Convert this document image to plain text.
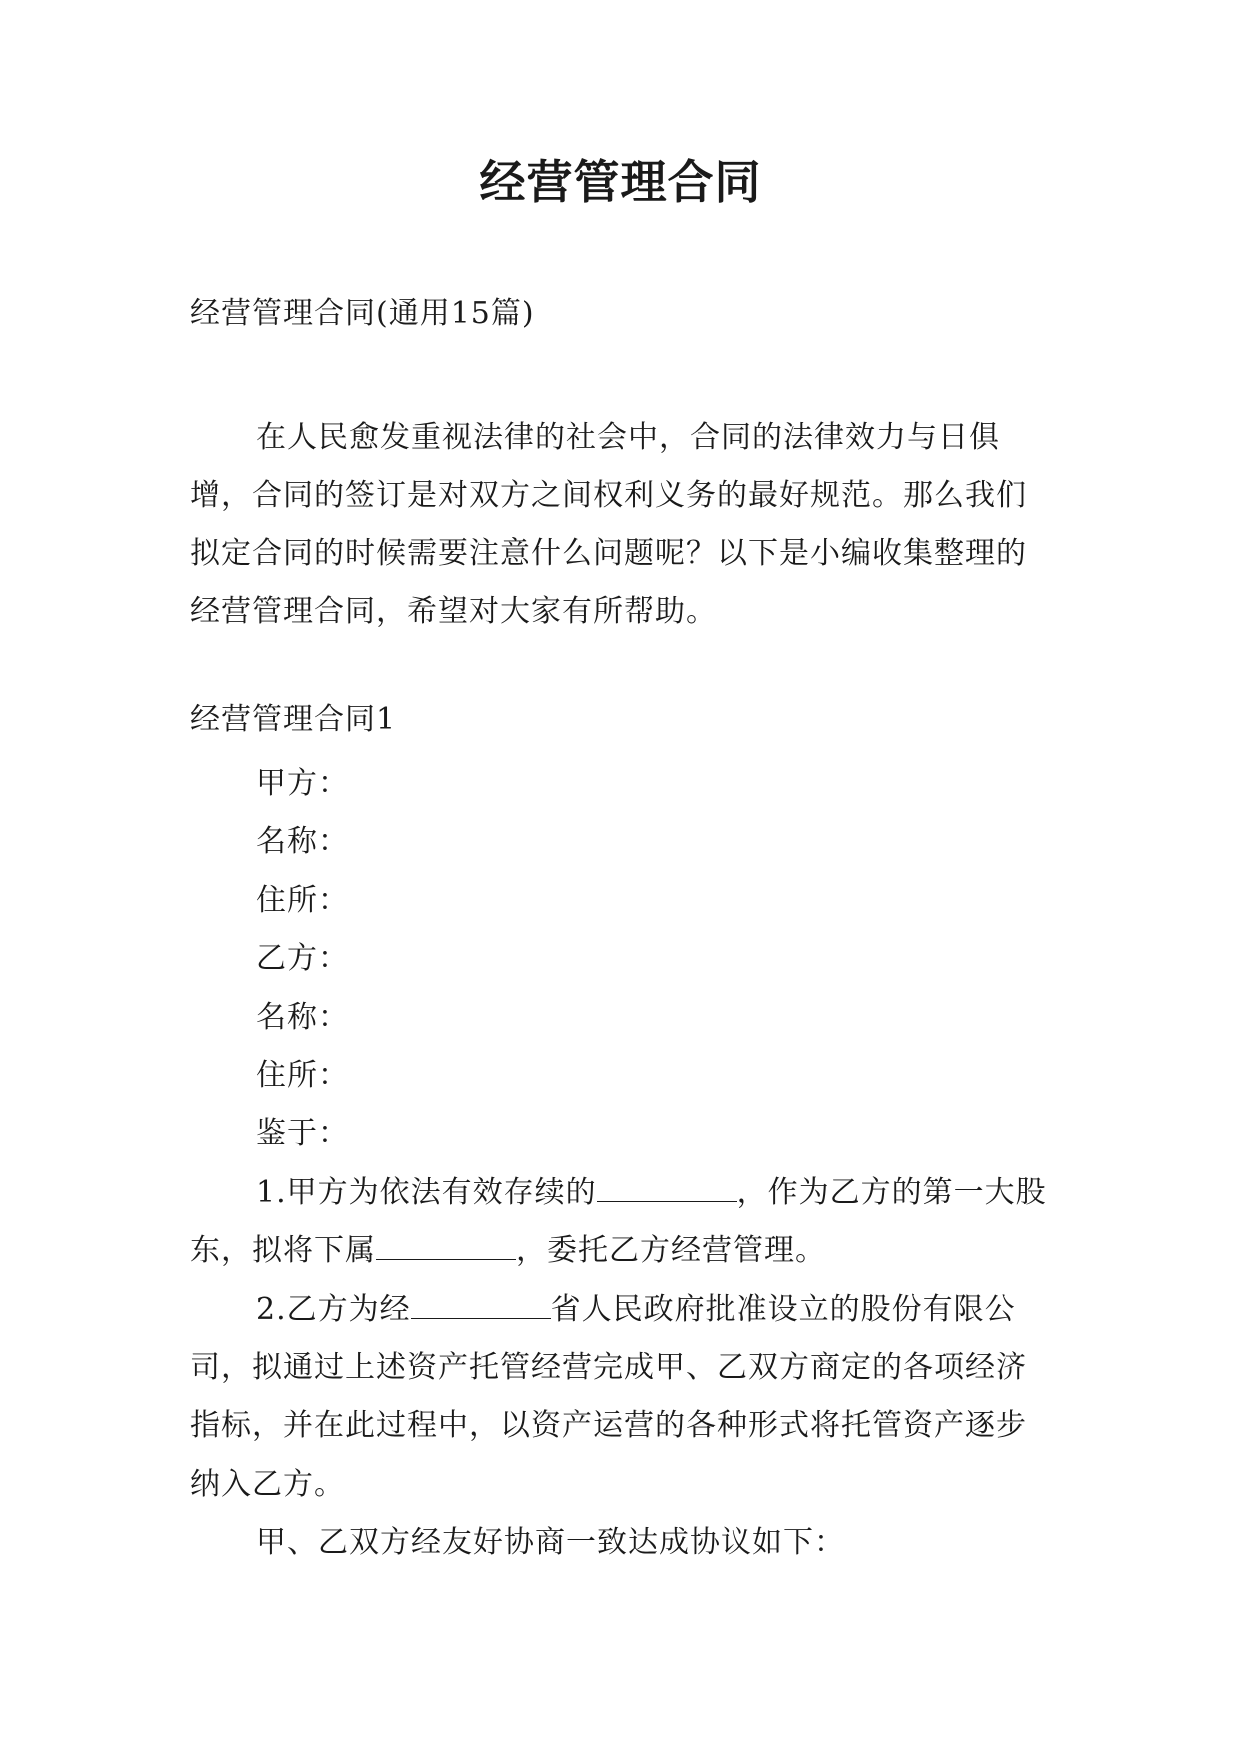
经营管理合同
经营管理合同(通用15篇)
在人民愈发重视法律的社会中，合同的法律效力与日俱增，合同的签订是对双方之间权利义务的最好规范。那么我们拟定合同的时候需要注意什么问题呢？以下是小编收集整理的经营管理合同，希望对大家有所帮助。
经营管理合同1

甲方：

名称：

住所：

乙方：

名称：

住所：

鉴于：

1.甲方为依法有效存续的	，作为乙方的第一大股东，拟将下属	，委托乙方经营管理。

2.乙方为经	省人民政府批准设立的股份有限公司，拟通过上述资产托管经营完成甲、乙双方商定的各项经济指标，并在此过程中，以资产运营的各种形式将托管资产逐步纳入乙方。

甲、乙双方经友好协商一致达成协议如下：
